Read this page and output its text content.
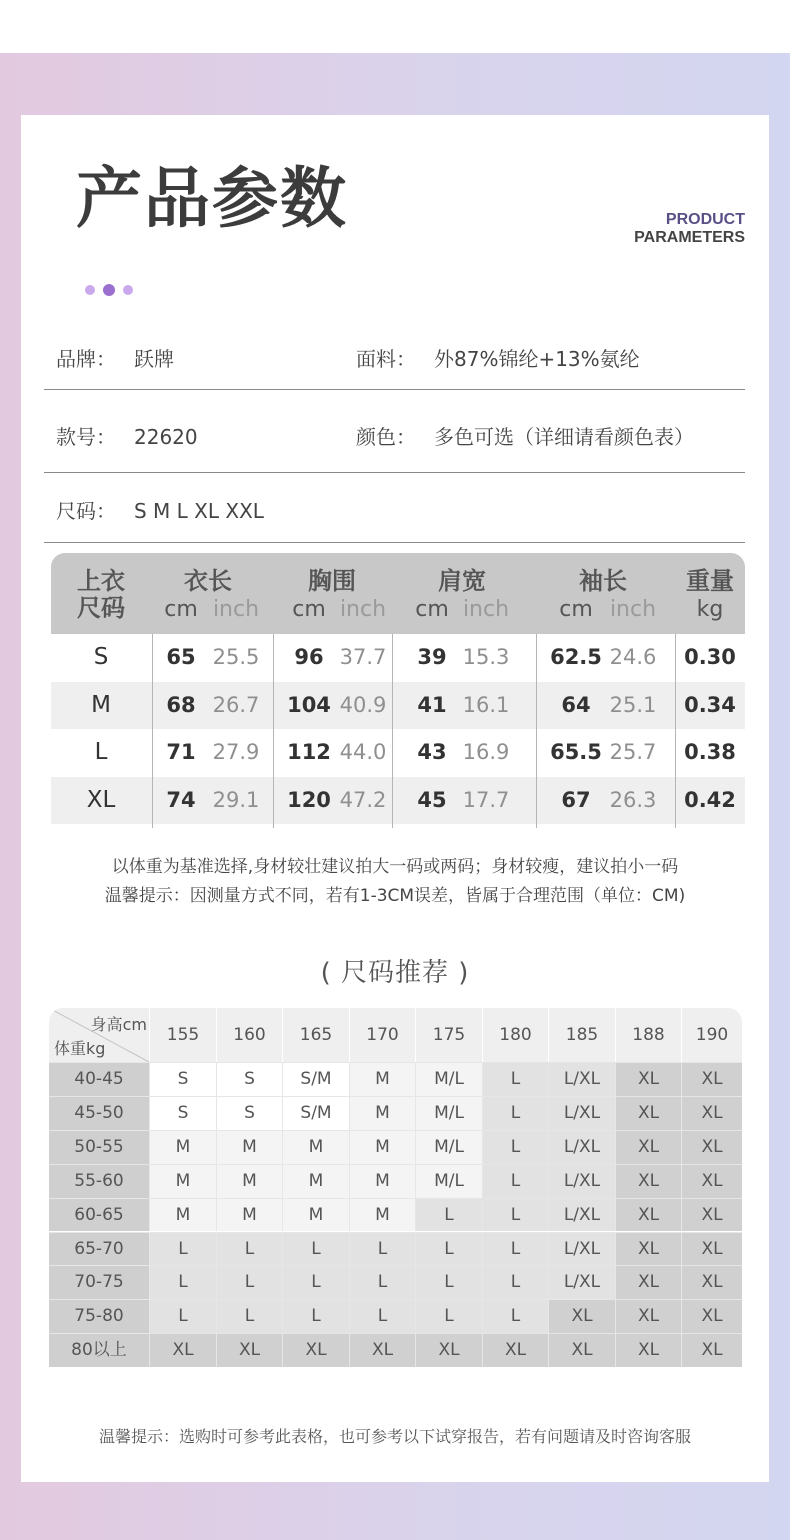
产品参数	PRODUCT
PARAMETERS
品牌： 跃牌	面料： 外87%锦纶+13%氨纶
款号： 22620	颜色： 多色可选（详细请看颜色表）
尺码： S M L XL XXL
上衣
尺码
衣长
cm inch
胸围
cm inch
肩宽
cm inch
袖长
cm inch
重量
kg
S	65 25.5	96 37.7	39 15.3	62.5 24.6	0.30
M	68 26.7	104 40.9	41 16.1	64 25.1	0.34
L	71 27.9	112 44.0	43 16.9	65.5 25.7	0.38
XL	74 29.1	120 47.2	45 17.7	67 26.3	0.42
以体重为基准选择,身材较壮建议拍大一码或两码；身材较瘦，建议拍小一码
温馨提示：因测量方式不同，若有1-3CM误差，皆属于合理范围（单位：CM)
( 尺码推荐 )
身高cm
体重kg
155	160	165	170	175	180	185	188	190
40-45	S	S	S/M	M	M/L	L	L/XL	XL	XL
45-50	S	S	S/M	M	M/L	L	L/XL	XL	XL
50-55	M	M	M	M	M/L	L	L/XL	XL	XL
55-60	M	M	M	M	M/L	L	L/XL	XL	XL
60-65	M	M	M	M	L	L	L/XL	XL	XL
65-70	L	L	L	L	L	L	L/XL	XL	XL
70-75	L	L	L	L	L	L	L/XL	XL	XL
75-80	L	L	L	L	L	L	XL	XL	XL
80以上	XL	XL	XL	XL	XL	XL	XL	XL	XL
温馨提示：选购时可参考此表格，也可参考以下试穿报告，若有问题请及时咨询客服
